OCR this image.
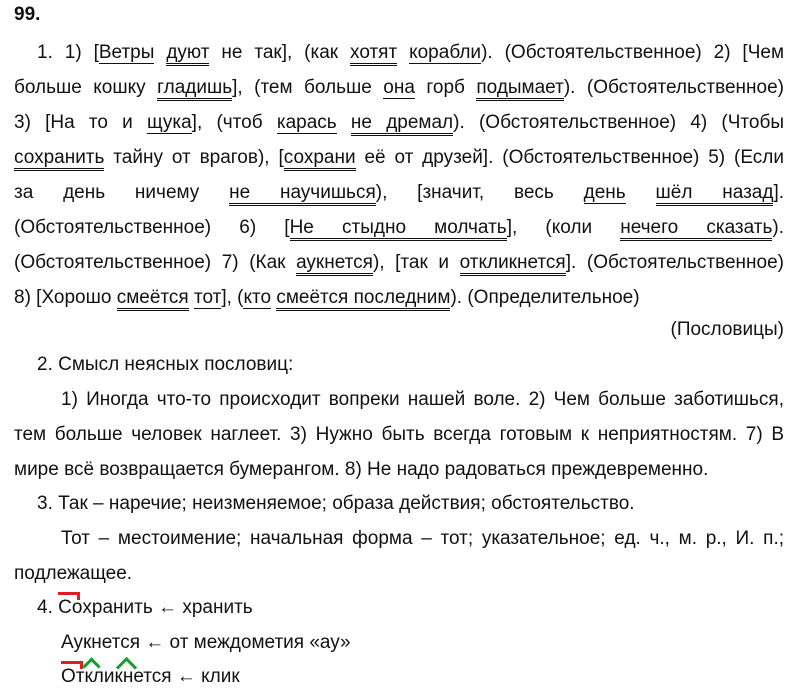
99.
1. 1) [Ветры дуют не так], (как хотят корабли). (Обстоятельственное) 2) [Чем
больше кошку гладишь], (тем больше она горб подымает). (Обстоятельственное)
3) [На то и щука], (чтоб карась не дремал). (Обстоятельственное) 4) (Чтобы
сохранить тайну от врагов), [сохрани её от друзей]. (Обстоятельственное) 5) (Если
за день ничему не научишься), [значит, весь день шёл назад].
(Обстоятельственное) 6) [Не стыдно молчать], (коли нечего сказать).
(Обстоятельственное) 7) (Как аукнется), [так и откликнется]. (Обстоятельственное)
8) [Хорошо смеётся тот], (кто смеётся последним). (Определительное)
(Пословицы)
2. Смысл неясных пословиц:
1) Иногда что-то происходит вопреки нашей воле. 2) Чем больше заботишься,
тем больше человек наглеет. 3) Нужно быть всегда готовым к неприятностям. 7) В
мире всё возвращается бумерангом. 8) Не надо радоваться преждевременно.
3. Так – наречие; неизменяемое; образа действия; обстоятельство.
Тот – местоимение; начальная форма – тот; указательное; ед. ч., м. р., И. п.;
подлежащее.
4. Сохранить ← хранить
Аукнется ← от междометия «ау»
Откликнется ← клик
